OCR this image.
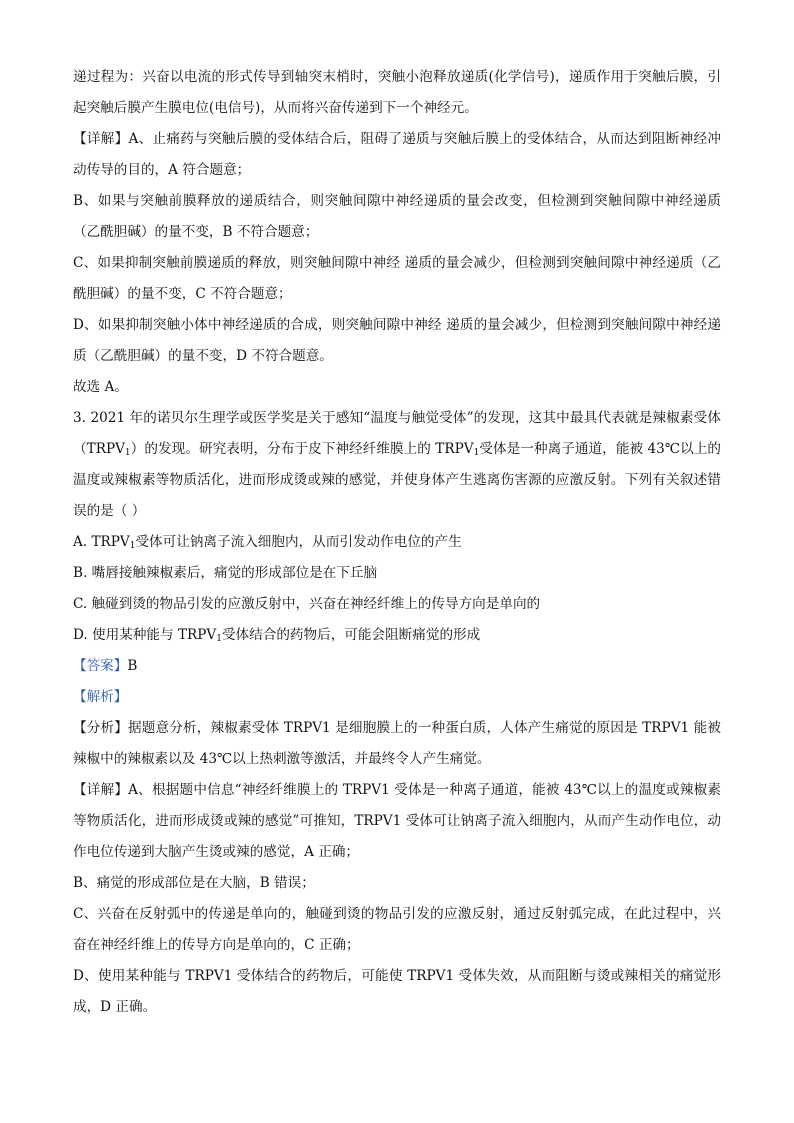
递过程为：兴奋以电流的形式传导到轴突末梢时，突触小泡释放递质(化学信号)，递质作用于突触后膜，引起突触后膜产生膜电位(电信号)，从而将兴奋传递到下一个神经元。

【详解】A、止痛药与突触后膜的受体结合后，阻碍了递质与突触后膜上的受体结合，从而达到阻断神经冲动传导的目的，A 符合题意；

B、如果与突触前膜释放的递质结合，则突触间隙中神经递质的量会改变，但检测到突触间隙中神经递质（乙酰胆碱）的量不变，B 不符合题意；

C、如果抑制突触前膜递质的释放，则突触间隙中神经 递质的量会减少，但检测到突触间隙中神经递质（乙酰胆碱）的量不变，C 不符合题意；

D、如果抑制突触小体中神经递质的合成，则突触间隙中神经 递质的量会减少，但检测到突触间隙中神经递质（乙酰胆碱）的量不变，D 不符合题意。

故选 A。

3. 2021 年的诺贝尔生理学或医学奖是关于感知“温度与触觉受体”的发现，这其中最具代表就是辣椒素受体$(TRPV_1)$的发现。研究表明，分布于皮下神经纤维膜上的 $TRPV_1$受体是一种离子通道，能被 43℃以上的温度或辣椒素等物质活化，进而形成烫或辣的感觉，并使身体产生逃离伤害源的应激反射。下列有关叙述错误的是（ ）

A. $TRPV_1$受体可让钠离子流入细胞内，从而引发动作电位的产生

B. 嘴唇接触辣椒素后，痛觉的形成部位是在下丘脑

C. 触碰到烫的物品引发的应激反射中，兴奋在神经纤维上的传导方向是单向的

D. 使用某种能与 $TRPV_1$受体结合的药物后，可能会阻断痛觉的形成

【答案】B

【解析】

【分析】据题意分析，辣椒素受体 TRPV1 是细胞膜上的一种蛋白质，人体产生痛觉的原因是 TRPV1 能被辣椒中的辣椒素以及 43℃以上热刺激等激活，并最终令人产生痛觉。

【详解】A、根据题中信息“神经纤维膜上的 TRPV1 受体是一种离子通道，能被 43℃以上的温度或辣椒素等物质活化，进而形成烫或辣的感觉”可推知，TRPV1 受体可让钠离子流入细胞内，从而产生动作电位，动作电位传递到大脑产生烫或辣的感觉，A 正确；

B、痛觉的形成部位是在大脑，B 错误；

C、兴奋在反射弧中的传递是单向的，触碰到烫的物品引发的应激反射，通过反射弧完成，在此过程中，兴奋在神经纤维上的传导方向是单向的，C 正确；

D、使用某种能与 TRPV1 受体结合的药物后，可能使 TRPV1 受体失效，从而阻断与烫或辣相关的痛觉形成，D 正确。
